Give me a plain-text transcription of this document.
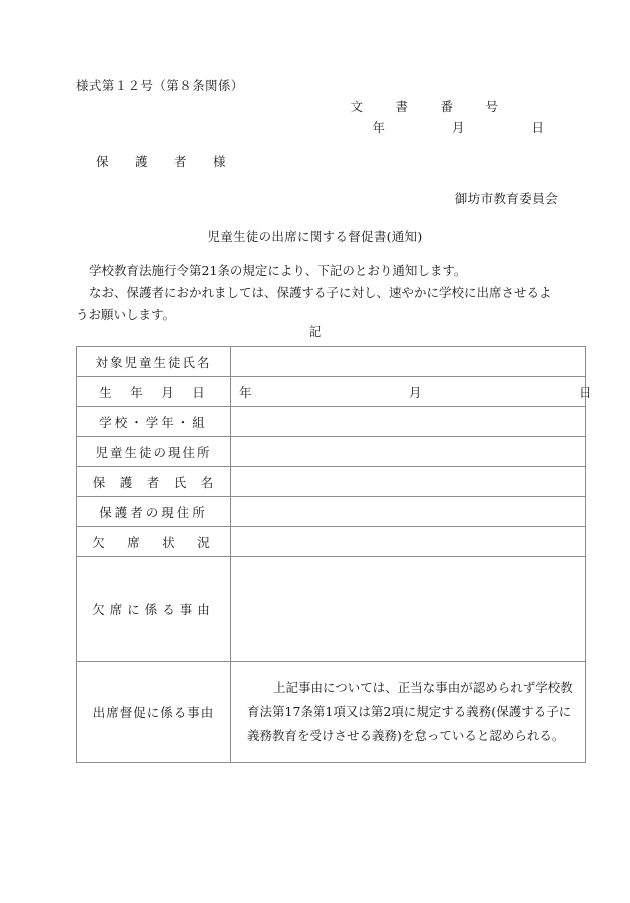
様式第１２号（第８条関係）
文　書　番　号
年　　月　　日
保　護　者　様
御坊市教育委員会
児童生徒の出席に関する督促書(通知)

学校教育法施行令第21条の規定により、下記のとおり通知します。

なお、保護者におかれましては、保護する子に対し、速やかに学校に出席させるようお願いします。

記
対象児童生徒氏名	
生　年　月　日	年　　　月　　　日

学校・学年・組	
児童生徒の現住所	
保　護　者　氏　名	
保護者の現住所	
欠　席　状　況	
欠席に係る事由	
出席督促に係る事由	上記事由については、正当な事由が認められず学校教育法第17条第1項又は第2項に規定する義務(保護する子に義務教育を受けさせる義務)を怠っていると認められる。
